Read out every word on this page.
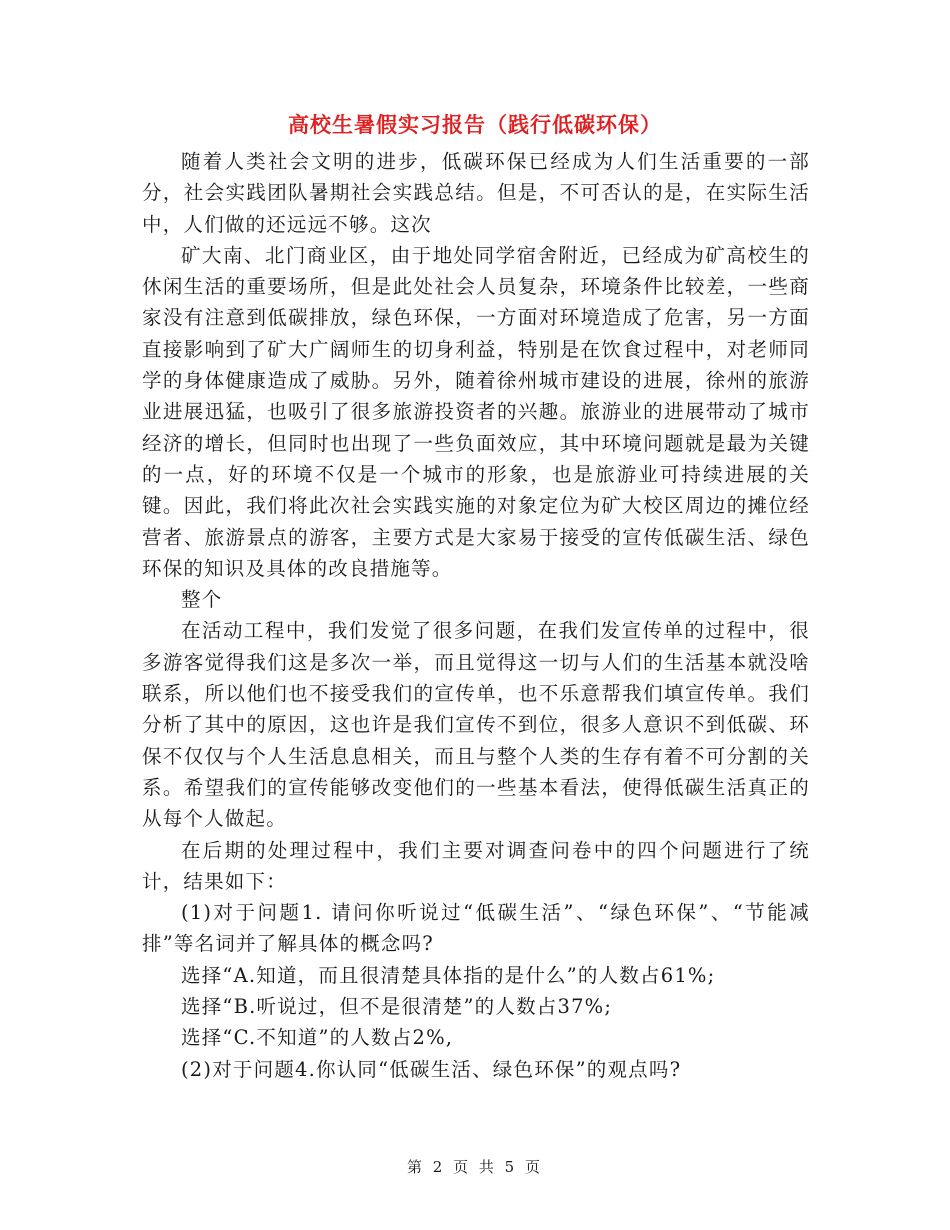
高校生暑假实习报告（践行低碳环保）

随着人类社会文明的进步，低碳环保已经成为人们生活重要的一部分，社会实践团队暑期社会实践总结。但是，不可否认的是，在实际生活中，人们做的还远远不够。这次

矿大南、北门商业区，由于地处同学宿舍附近，已经成为矿高校生的休闲生活的重要场所，但是此处社会人员复杂，环境条件比较差，一些商家没有注意到低碳排放，绿色环保，一方面对环境造成了危害，另一方面直接影响到了矿大广阔师生的切身利益，特别是在饮食过程中，对老师同学的身体健康造成了威胁。另外，随着徐州城市建设的进展，徐州的旅游业进展迅猛，也吸引了很多旅游投资者的兴趣。旅游业的进展带动了城市经济的增长，但同时也出现了一些负面效应，其中环境问题就是最为关键的一点，好的环境不仅是一个城市的形象，也是旅游业可持续进展的关键。因此，我们将此次社会实践实施的对象定位为矿大校区周边的摊位经营者、旅游景点的游客，主要方式是大家易于接受的宣传低碳生活、绿色环保的知识及具体的改良措施等。

整个

在活动工程中，我们发觉了很多问题，在我们发宣传单的过程中，很多游客觉得我们这是多次一举，而且觉得这一切与人们的生活基本就没啥联系，所以他们也不接受我们的宣传单，也不乐意帮我们填宣传单。我们分析了其中的原因，这也许是我们宣传不到位，很多人意识不到低碳、环保不仅仅与个人生活息息相关，而且与整个人类的生存有着不可分割的关系。希望我们的宣传能够改变他们的一些基本看法，使得低碳生活真正的从每个人做起。

在后期的处理过程中，我们主要对调查问卷中的四个问题进行了统计，结果如下：

(1)对于问题1. 请问你听说过“低碳生活”、“绿色环保”、“节能减排”等名词并了解具体的概念吗?

选择“A.知道，而且很清楚具体指的是什么”的人数占61%;

选择“B.听说过，但不是很清楚”的人数占37%;

选择“C.不知道”的人数占2%,

(2)对于问题4.你认同“低碳生活、绿色环保”的观点吗?

第 2 页 共 5 页
